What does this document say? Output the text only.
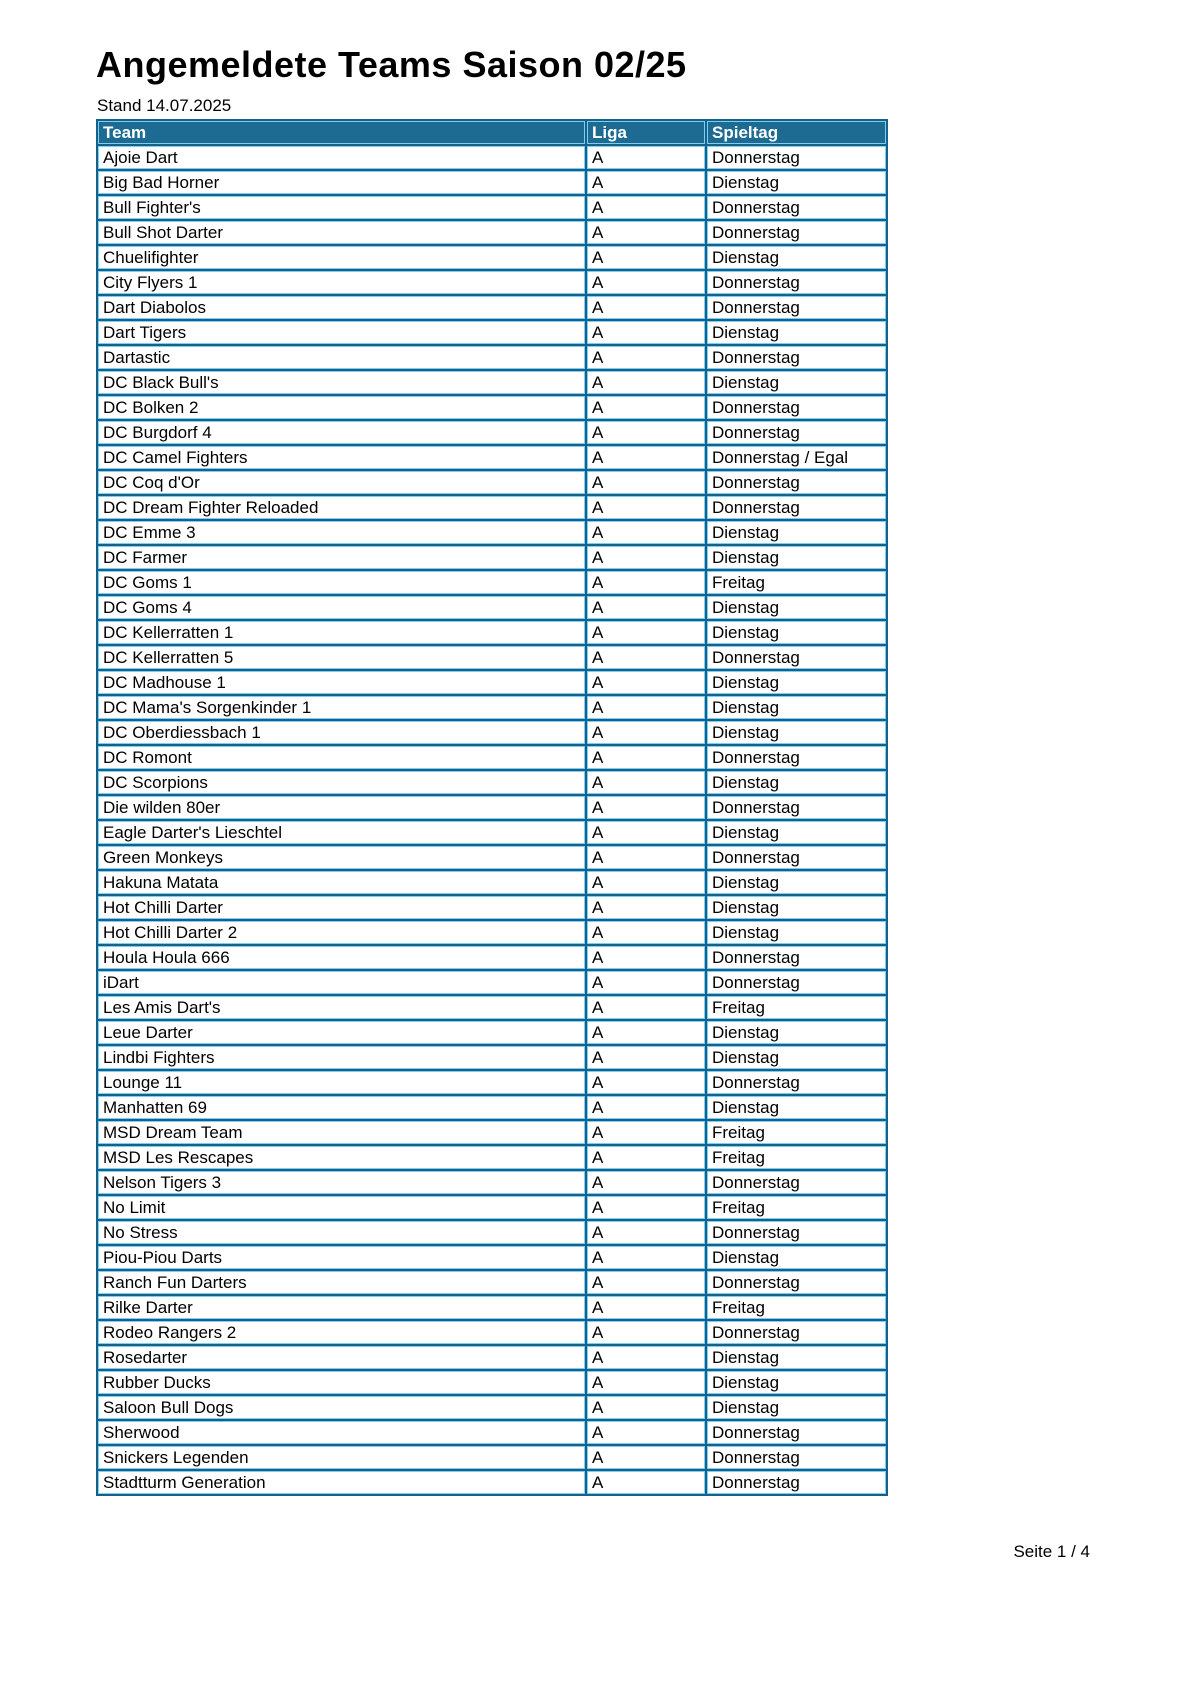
Angemeldete Teams Saison 02/25
Stand 14.07.2025
Team	Liga	Spieltag
Ajoie Dart	A	Donnerstag
Big Bad Horner	A	Dienstag
Bull Fighter's	A	Donnerstag
Bull Shot Darter	A	Donnerstag
Chuelifighter	A	Dienstag
City Flyers 1	A	Donnerstag
Dart Diabolos	A	Donnerstag
Dart Tigers	A	Dienstag
Dartastic	A	Donnerstag
DC Black Bull's	A	Dienstag
DC Bolken 2	A	Donnerstag
DC Burgdorf 4	A	Donnerstag
DC Camel Fighters	A	Donnerstag / Egal
DC Coq d'Or	A	Donnerstag
DC Dream Fighter Reloaded	A	Donnerstag
DC Emme 3	A	Dienstag
DC Farmer	A	Dienstag
DC Goms 1	A	Freitag
DC Goms 4	A	Dienstag
DC Kellerratten 1	A	Dienstag
DC Kellerratten 5	A	Donnerstag
DC Madhouse 1	A	Dienstag
DC Mama's Sorgenkinder 1	A	Dienstag
DC Oberdiessbach 1	A	Dienstag
DC Romont	A	Donnerstag
DC Scorpions	A	Dienstag
Die wilden 80er	A	Donnerstag
Eagle Darter's Lieschtel	A	Dienstag
Green Monkeys	A	Donnerstag
Hakuna Matata	A	Dienstag
Hot Chilli Darter	A	Dienstag
Hot Chilli Darter 2	A	Dienstag
Houla Houla 666	A	Donnerstag
iDart	A	Donnerstag
Les Amis Dart's	A	Freitag
Leue Darter	A	Dienstag
Lindbi Fighters	A	Dienstag
Lounge 11	A	Donnerstag
Manhatten 69	A	Dienstag
MSD Dream Team	A	Freitag
MSD Les Rescapes	A	Freitag
Nelson Tigers 3	A	Donnerstag
No Limit	A	Freitag
No Stress	A	Donnerstag
Piou-Piou Darts	A	Dienstag
Ranch Fun Darters	A	Donnerstag
Rilke Darter	A	Freitag
Rodeo Rangers 2	A	Donnerstag
Rosedarter	A	Dienstag
Rubber Ducks	A	Dienstag
Saloon Bull Dogs	A	Dienstag
Sherwood	A	Donnerstag
Snickers Legenden	A	Donnerstag
Stadtturm Generation	A	Donnerstag
Seite 1 / 4
